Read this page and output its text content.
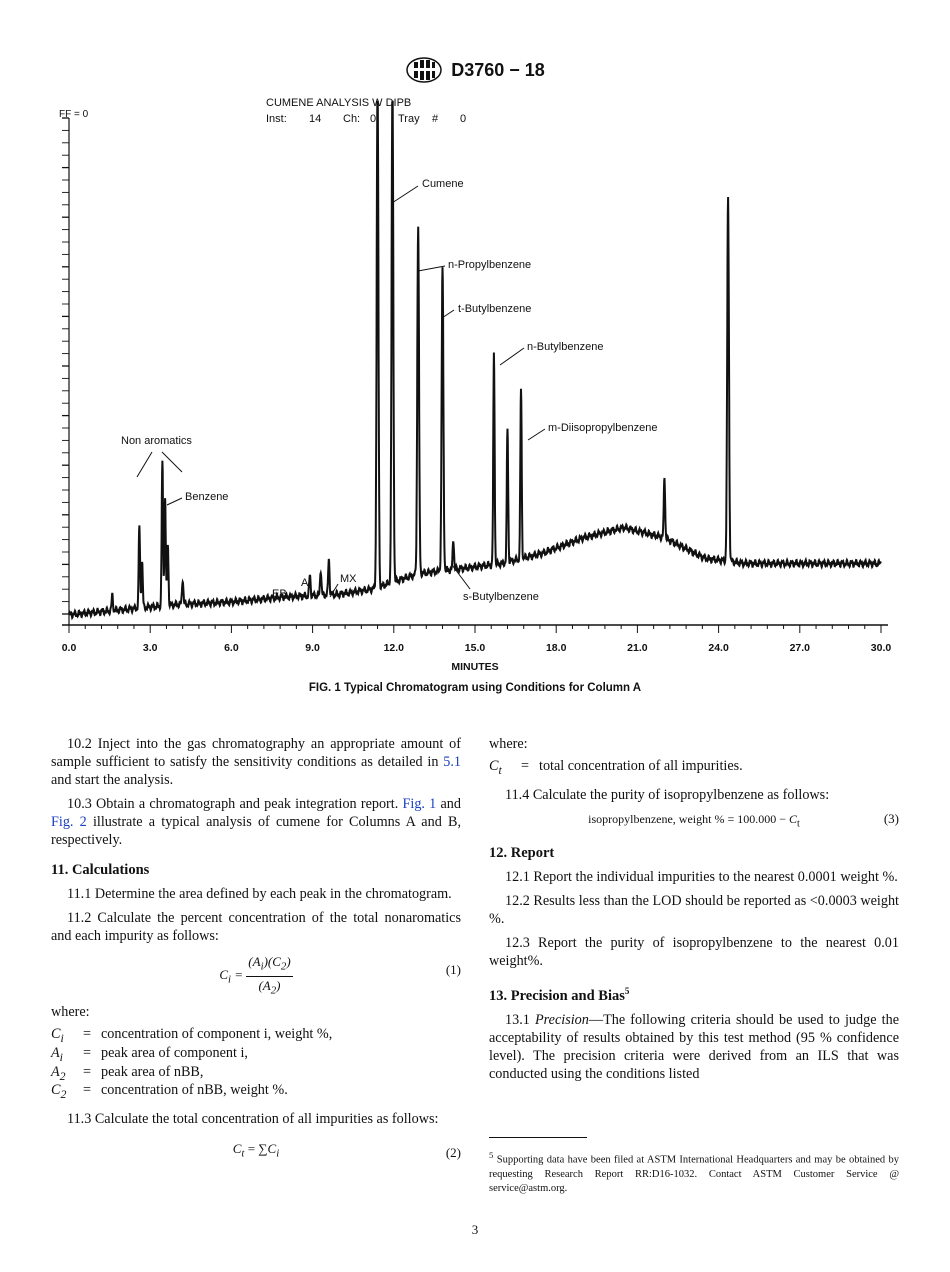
D3760 − 18
0.0	3.0	6.0	9.0	12.0	15.0	18.0	21.0	24.0	27.0	30.0
MINUTES
FF = 0
CUMENE ANALYSIS W DIPB
Inst: 14 Ch: 0 Tray # 0
Cumene
n-Propylbenzene
t-Butylbenzene
n-Butylbenzene
m-Diisopropylbenzene
Non aromatics
Benzene
EB
A	MX
s-Butylbenzene
FIG. 1 Typical Chromatogram using Conditions for Column A

10.2 Inject into the gas chromatography an appropriate amount of sample sufficient to satisfy the sensitivity conditions as detailed in 5.1 and start the analysis.

10.3 Obtain a chromatograph and peak integration report. Fig. 1 and Fig. 2 illustrate a typical analysis of cumene for Columns A and B, respectively.

11. Calculations

11.1 Determine the area defined by each peak in the chromatogram.

11.2 Calculate the percent concentration of the total nonaromatics and each impurity as follows:

$C_i = \frac{(A_i)(C_2)}{(A_2)}$	(1)

where:

$C_i$	=	concentration of component i, weight %,
$A_i$	=	peak area of component i,
$A_2$	=	peak area of nBB,
$C_2$	=	concentration of nBB, weight %.

11.3 Calculate the total concentration of all impurities as follows:

$C_t = \sum C_i$	(2)

where:

$C_t$	=	total concentration of all impurities.

11.4 Calculate the purity of isopropylbenzene as follows:

isopropylbenzene, weight % = $100.000 - C_t$	(3)
12. Report

12.1 Report the individual impurities to the nearest 0.0001 weight %.

12.2 Results less than the LOD should be reported as <0.0003 weight %.

12.3 Report the purity of isopropylbenzene to the nearest 0.01 weight%.

13. Precision and Bias$^5$

13.1 Precision—The following criteria should be used to judge the acceptability of results obtained by this test method (95 % confidence level). The precision criteria were derived from an ILS that was conducted using the conditions listed

$^5$ Supporting data have been filed at ASTM International Headquarters and may be obtained by requesting Research Report RR:D16-1032. Contact ASTM Customer Service @ service@astm.org.
3
